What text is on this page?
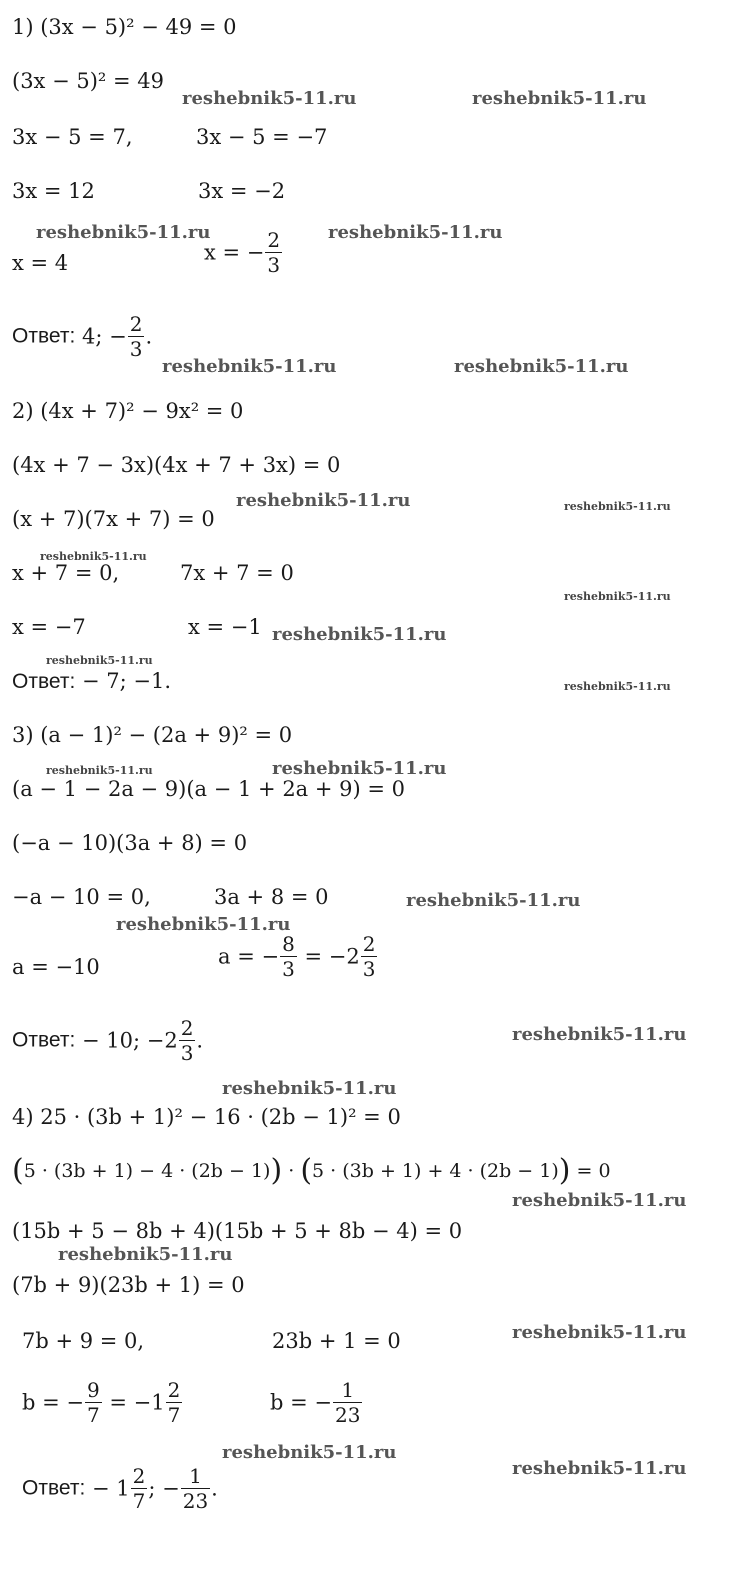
1) (3x − 5)² − 49 = 0
(3x − 5)² = 49
3x − 5 = 7,	3x − 5 = −7
3x = 12	3x = −2
x = 4	x = − $\frac{2}{3}$
Ответ: 4; − $\frac{2}{3}$ .
2) (4x + 7)² − 9x² = 0
(4x + 7 − 3x)(4x + 7 + 3x) = 0
(x + 7)(7x + 7) = 0
x + 7 = 0,	7x + 7 = 0
x = −7	x = −1
Ответ: − 7; −1.
3) (a − 1)² − (2a + 9)² = 0
(a − 1 − 2a − 9)(a − 1 + 2a + 9) = 0
(−a − 10)(3a + 8) = 0
−a − 10 = 0,	3a + 8 = 0
a = −10	a = − $\frac{8}{3} = -2 \frac{2}{3}$
Ответ: − 10; $-2 \frac{2}{3}$ .
4) 25 · (3b + 1)² − 16 · (2b − 1)² = 0
(5 · (3b + 1) − 4 · (2b − 1)) · (5 · (3b + 1) + 4 · (2b − 1)) = 0
(15b + 5 − 8b + 4)(15b + 5 + 8b − 4) = 0
(7b + 9)(23b + 1) = 0
7b + 9 = 0,	23b + 1 = 0
b = − $\frac{9}{7} = -1 \frac{2}{7}$	b = − $\frac{1}{23}$
Ответ: − $1 \frac{2}{7}$ ; − $\frac{1}{23}$ .
reshebnik5-11.ru	reshebnik5-11.ru
reshebnik5-11.ru	reshebnik5-11.ru
reshebnik5-11.ru	reshebnik5-11.ru
reshebnik5-11.ru	reshebnik5-11.ru
reshebnik5-11.ru
reshebnik5-11.ru
reshebnik5-11.ru
reshebnik5-11.ru
reshebnik5-11.ru
reshebnik5-11.ru	reshebnik5-11.ru
reshebnik5-11.ru
reshebnik5-11.ru
reshebnik5-11.ru
reshebnik5-11.ru
reshebnik5-11.ru
reshebnik5-11.ru
reshebnik5-11.ru
reshebnik5-11.ru
reshebnik5-11.ru
